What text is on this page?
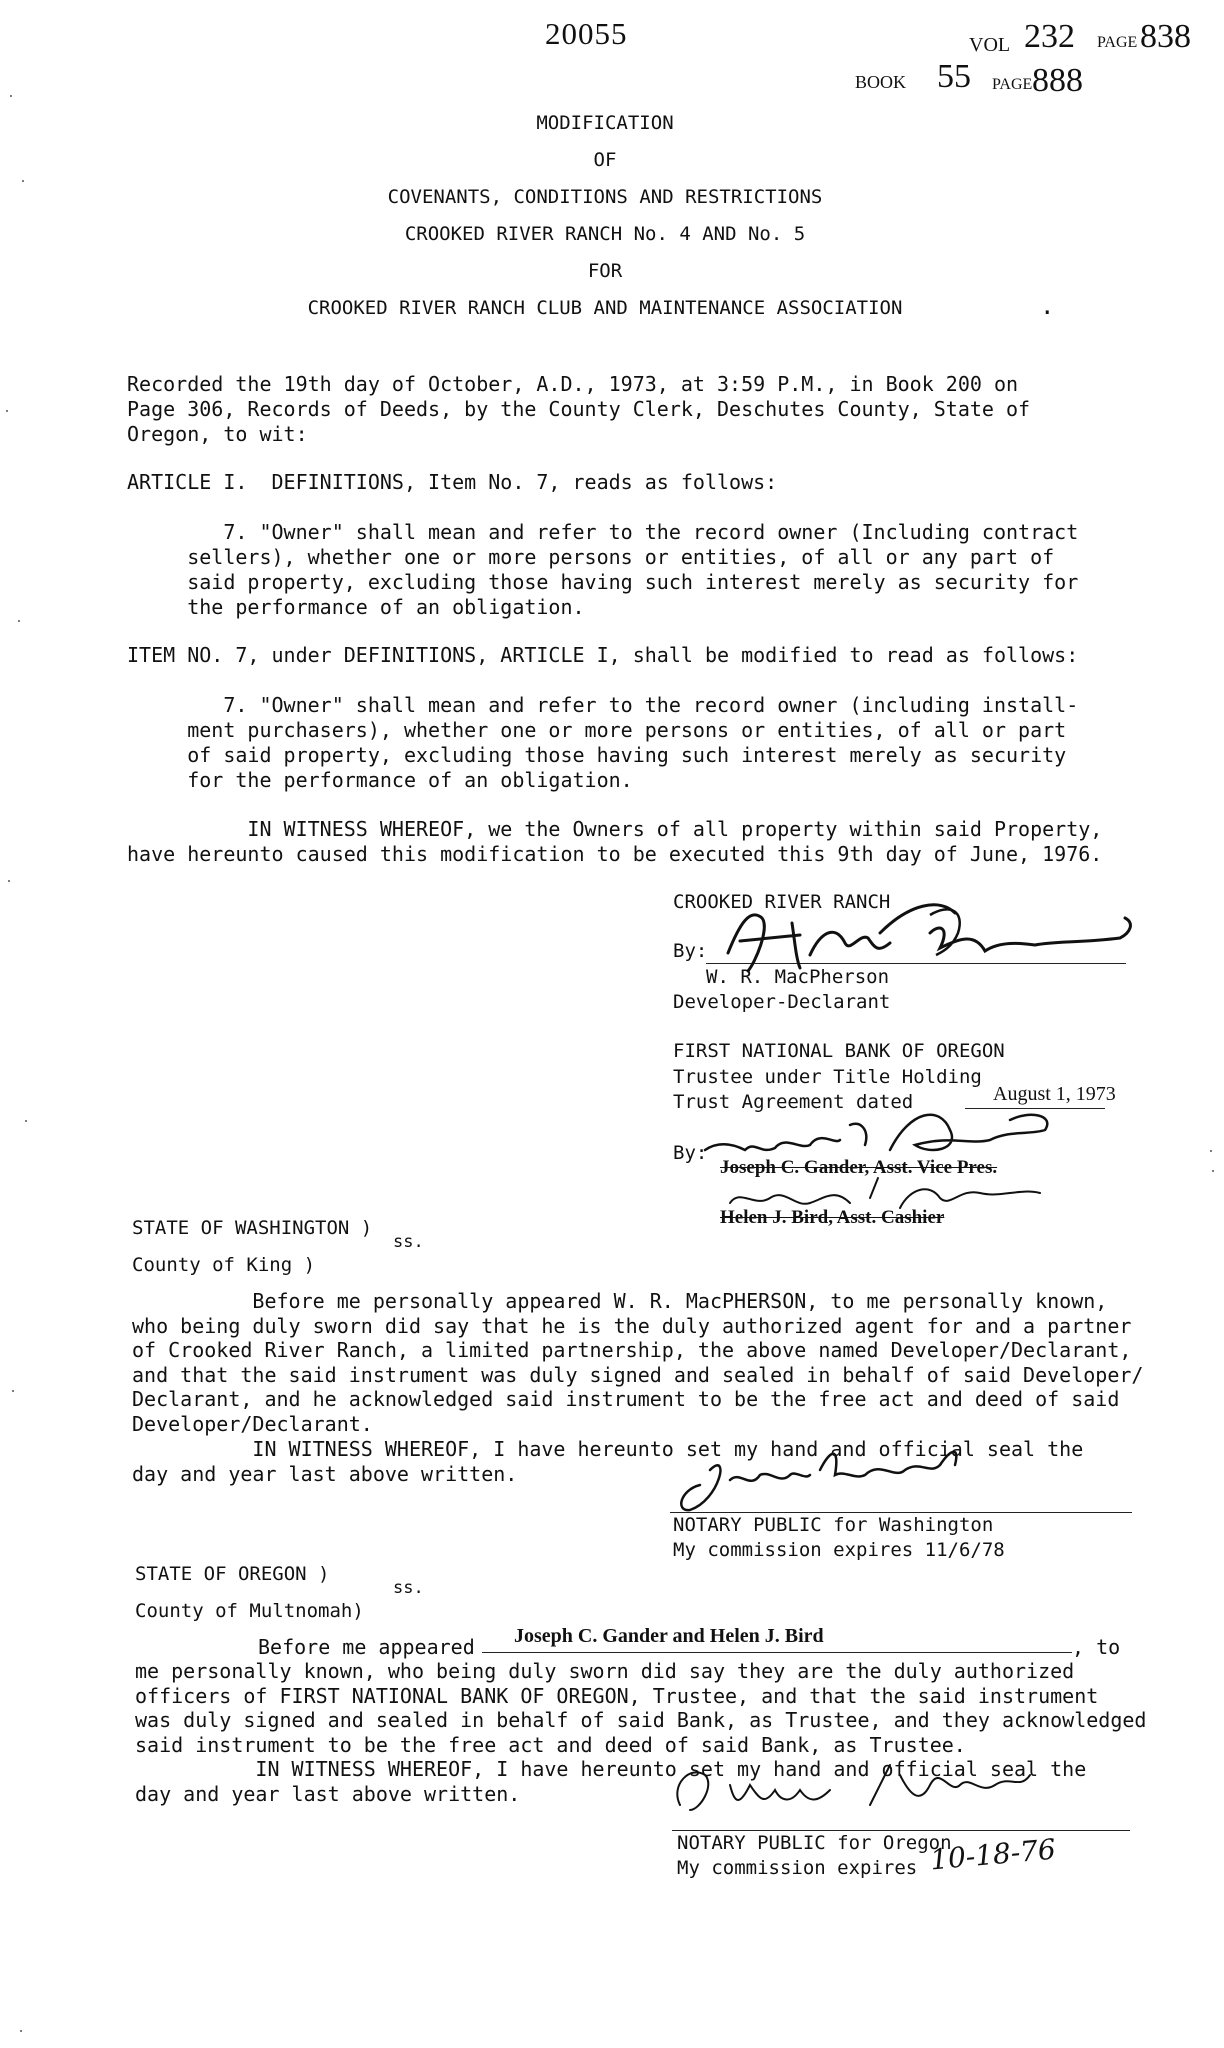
20055	VOL 232 PAGE 838
BOOK 55 PAGE 888
MODIFICATION
OF
COVENANTS, CONDITIONS AND RESTRICTIONS
CROOKED RIVER RANCH No. 4 AND No. 5
FOR
CROOKED RIVER RANCH CLUB AND MAINTENANCE ASSOCIATION	.
Recorded the 19th day of October, A.D., 1973, at 3:59 P.M., in Book 200 on
Page 306, Records of Deeds, by the County Clerk, Deschutes County, State of
Oregon, to wit:
ARTICLE I.  DEFINITIONS, Item No. 7, reads as follows:
7. "Owner" shall mean and refer to the record owner (Including contract
sellers), whether one or more persons or entities, of all or any part of
said property, excluding those having such interest merely as security for
the performance of an obligation.
ITEM NO. 7, under DEFINITIONS, ARTICLE I, shall be modified to read as follows:
7. "Owner" shall mean and refer to the record owner (including install-
ment purchasers), whether one or more persons or entities, of all or part
of said property, excluding those having such interest merely as security
for the performance of an obligation.
IN WITNESS WHEREOF, we the Owners of all property within said Property,
have hereunto caused this modification to be executed this 9th day of June, 1976.
CROOKED RIVER RANCH
By:
W. R. MacPherson
Developer-Declarant
FIRST NATIONAL BANK OF OREGON
Trustee under Title Holding
Trust Agreement dated	August 1, 1973
By:
Joseph C. Gander, Asst. Vice Pres.
Helen J. Bird, Asst. Cashier
STATE OF WASHINGTON )
ss.
County of King )
Before me personally appeared W. R. MacPHERSON, to me personally known,
who being duly sworn did say that he is the duly authorized agent for and a partner
of Crooked River Ranch, a limited partnership, the above named Developer/Declarant,
and that the said instrument was duly signed and sealed in behalf of said Developer/
Declarant, and he acknowledged said instrument to be the free act and deed of said
Developer/Declarant.
IN WITNESS WHEREOF, I have hereunto set my hand and official seal the
day and year last above written.
NOTARY PUBLIC for Washington
My commission expires 11/6/78
STATE OF OREGON )
ss.
County of Multnomah)
Before me appeared Joseph C. Gander and Helen J. Bird	, to
me personally known, who being duly sworn did say they are the duly authorized
officers of FIRST NATIONAL BANK OF OREGON, Trustee, and that the said instrument
was duly signed and sealed in behalf of said Bank, as Trustee, and they acknowledged
said instrument to be the free act and deed of said Bank, as Trustee.
IN WITNESS WHEREOF, I have hereunto set my hand and official seal the
day and year last above written.
NOTARY PUBLIC for Oregon
My commission expires 10-18-76
